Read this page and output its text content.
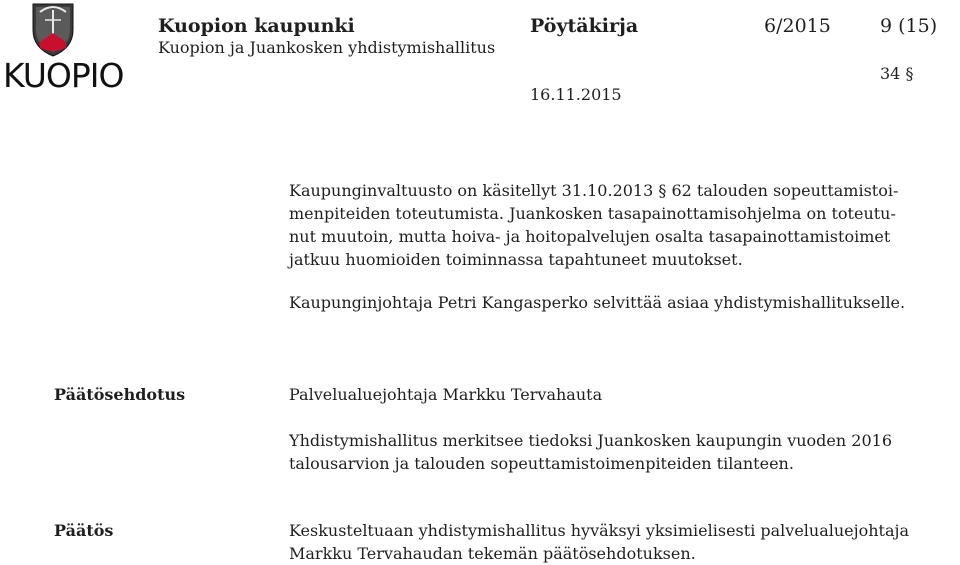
KUOPIO
Kuopion kaupunki
Kuopion ja Juankosken yhdistymishallitus
Pöytäkirja	6/2015	9 (15)
34 §
16.11.2015
Kaupunginvaltuusto on käsitellyt 31.10.2013 § 62 talouden sopeuttamistoi-
menpiteiden toteutumista. Juankosken tasapainottamisohjelma on toteutu-
nut muutoin, mutta hoiva- ja hoitopalvelujen osalta tasapainottamistoimet
jatkuu huomioiden toiminnassa tapahtuneet muutokset.
Kaupunginjohtaja Petri Kangasperko selvittää asiaa yhdistymishallitukselle.
Päätösehdotus	Palvelualuejohtaja Markku Tervahauta
Yhdistymishallitus merkitsee tiedoksi Juankosken kaupungin vuoden 2016
talousarvion ja talouden sopeuttamistoimenpiteiden tilanteen.
Päätös	Keskusteltuaan yhdistymishallitus hyväksyi yksimielisesti palvelualuejohtaja
Markku Tervahaudan tekemän päätösehdotuksen.
